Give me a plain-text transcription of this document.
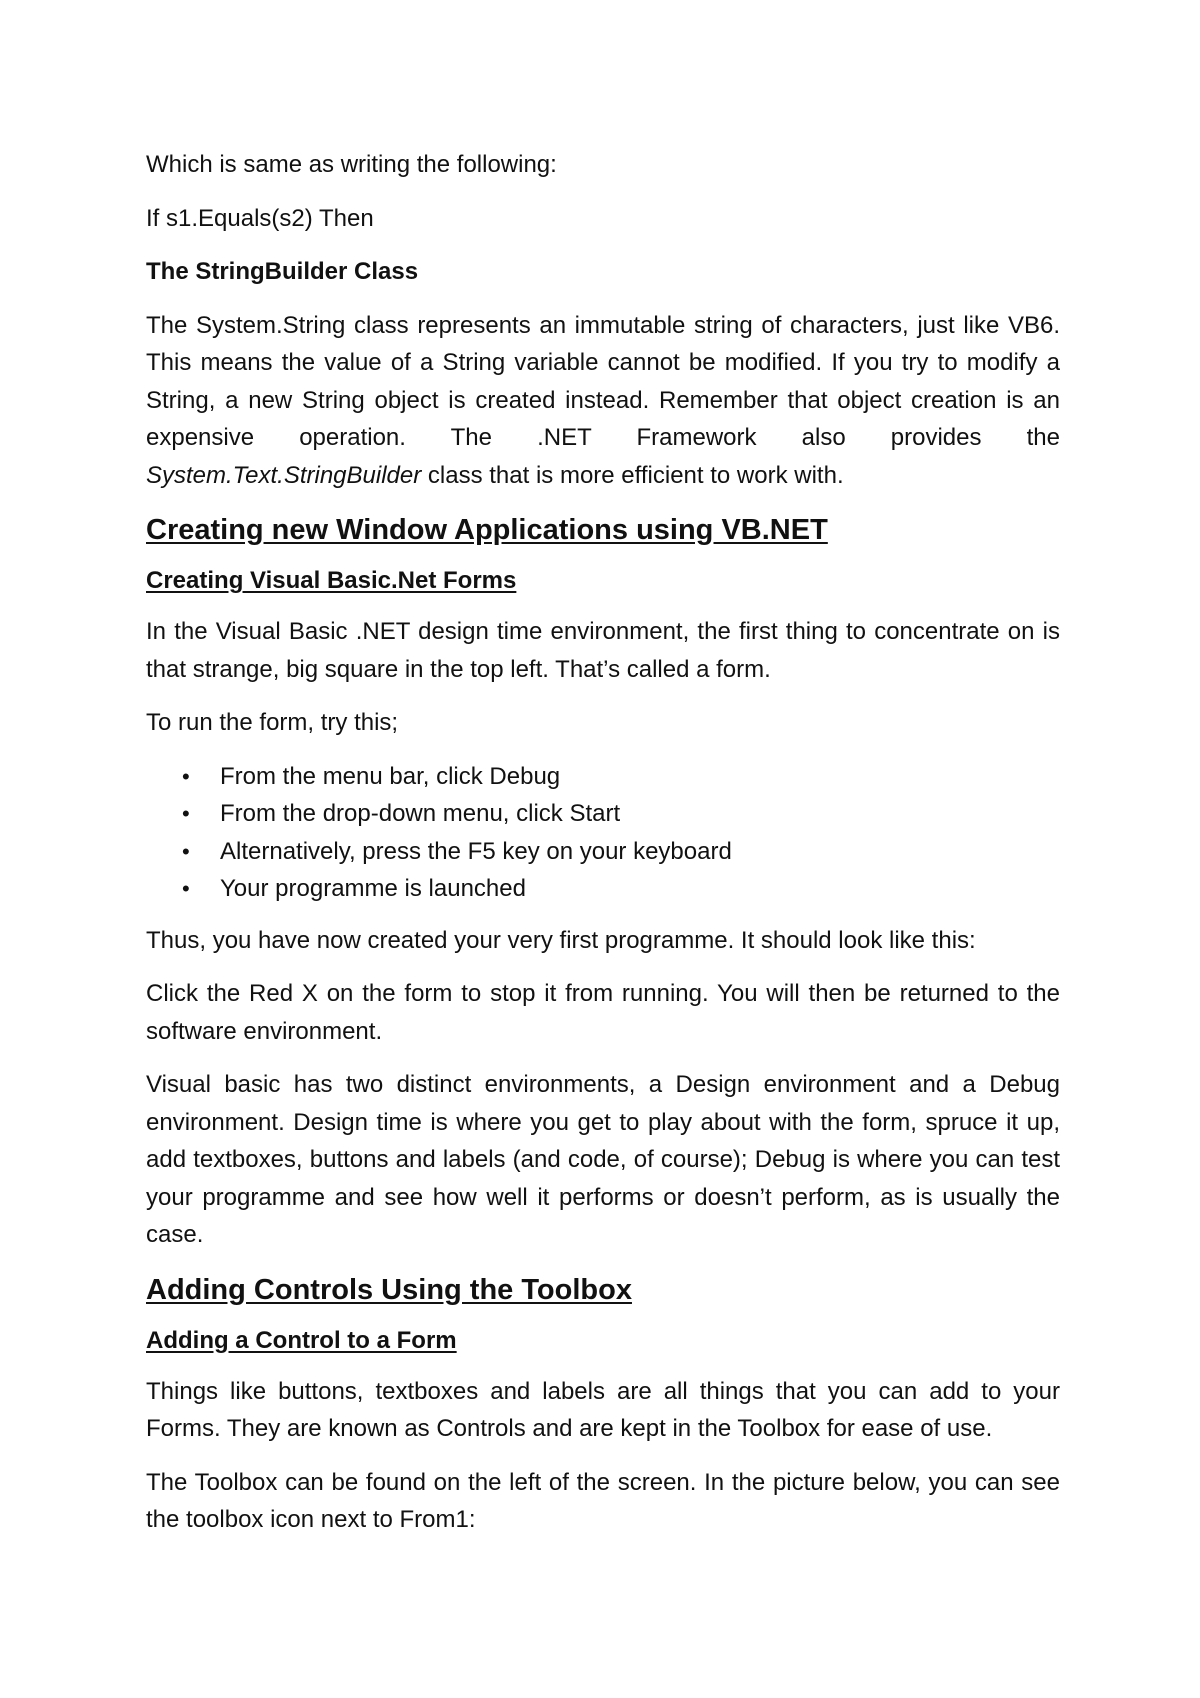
Which is same as writing the following:

If s1.Equals(s2) Then

The StringBuilder Class

The System.String class represents an immutable string of characters, just like VB6. This means the value of a String variable cannot be modified. If you try to modify a String, a new String object is created instead. Remember that object creation is an expensive operation. The .NET Framework also provides the System.Text.StringBuilder class that is more efficient to work with.

Creating new Window Applications using VB.NET
Creating Visual Basic.Net Forms

In the Visual Basic .NET design time environment, the first thing to concentrate on is that strange, big square in the top left. That’s called a form.

To run the form, try this;

• From the menu bar, click Debug
• From the drop-down menu, click Start
• Alternatively, press the F5 key on your keyboard
• Your programme is launched

Thus, you have now created your very first programme. It should look like this:

Click the Red X on the form to stop it from running. You will then be returned to the software environment.

Visual basic has two distinct environments, a Design environment and a Debug environment. Design time is where you get to play about with the form, spruce it up, add textboxes, buttons and labels (and code, of course); Debug is where you can test your programme and see how well it performs or doesn’t perform, as is usually the case.

Adding Controls Using the Toolbox
Adding a Control to a Form

Things like buttons, textboxes and labels are all things that you can add to your Forms. They are known as Controls and are kept in the Toolbox for ease of use.

The Toolbox can be found on the left of the screen. In the picture below, you can see the toolbox icon next to From1:
